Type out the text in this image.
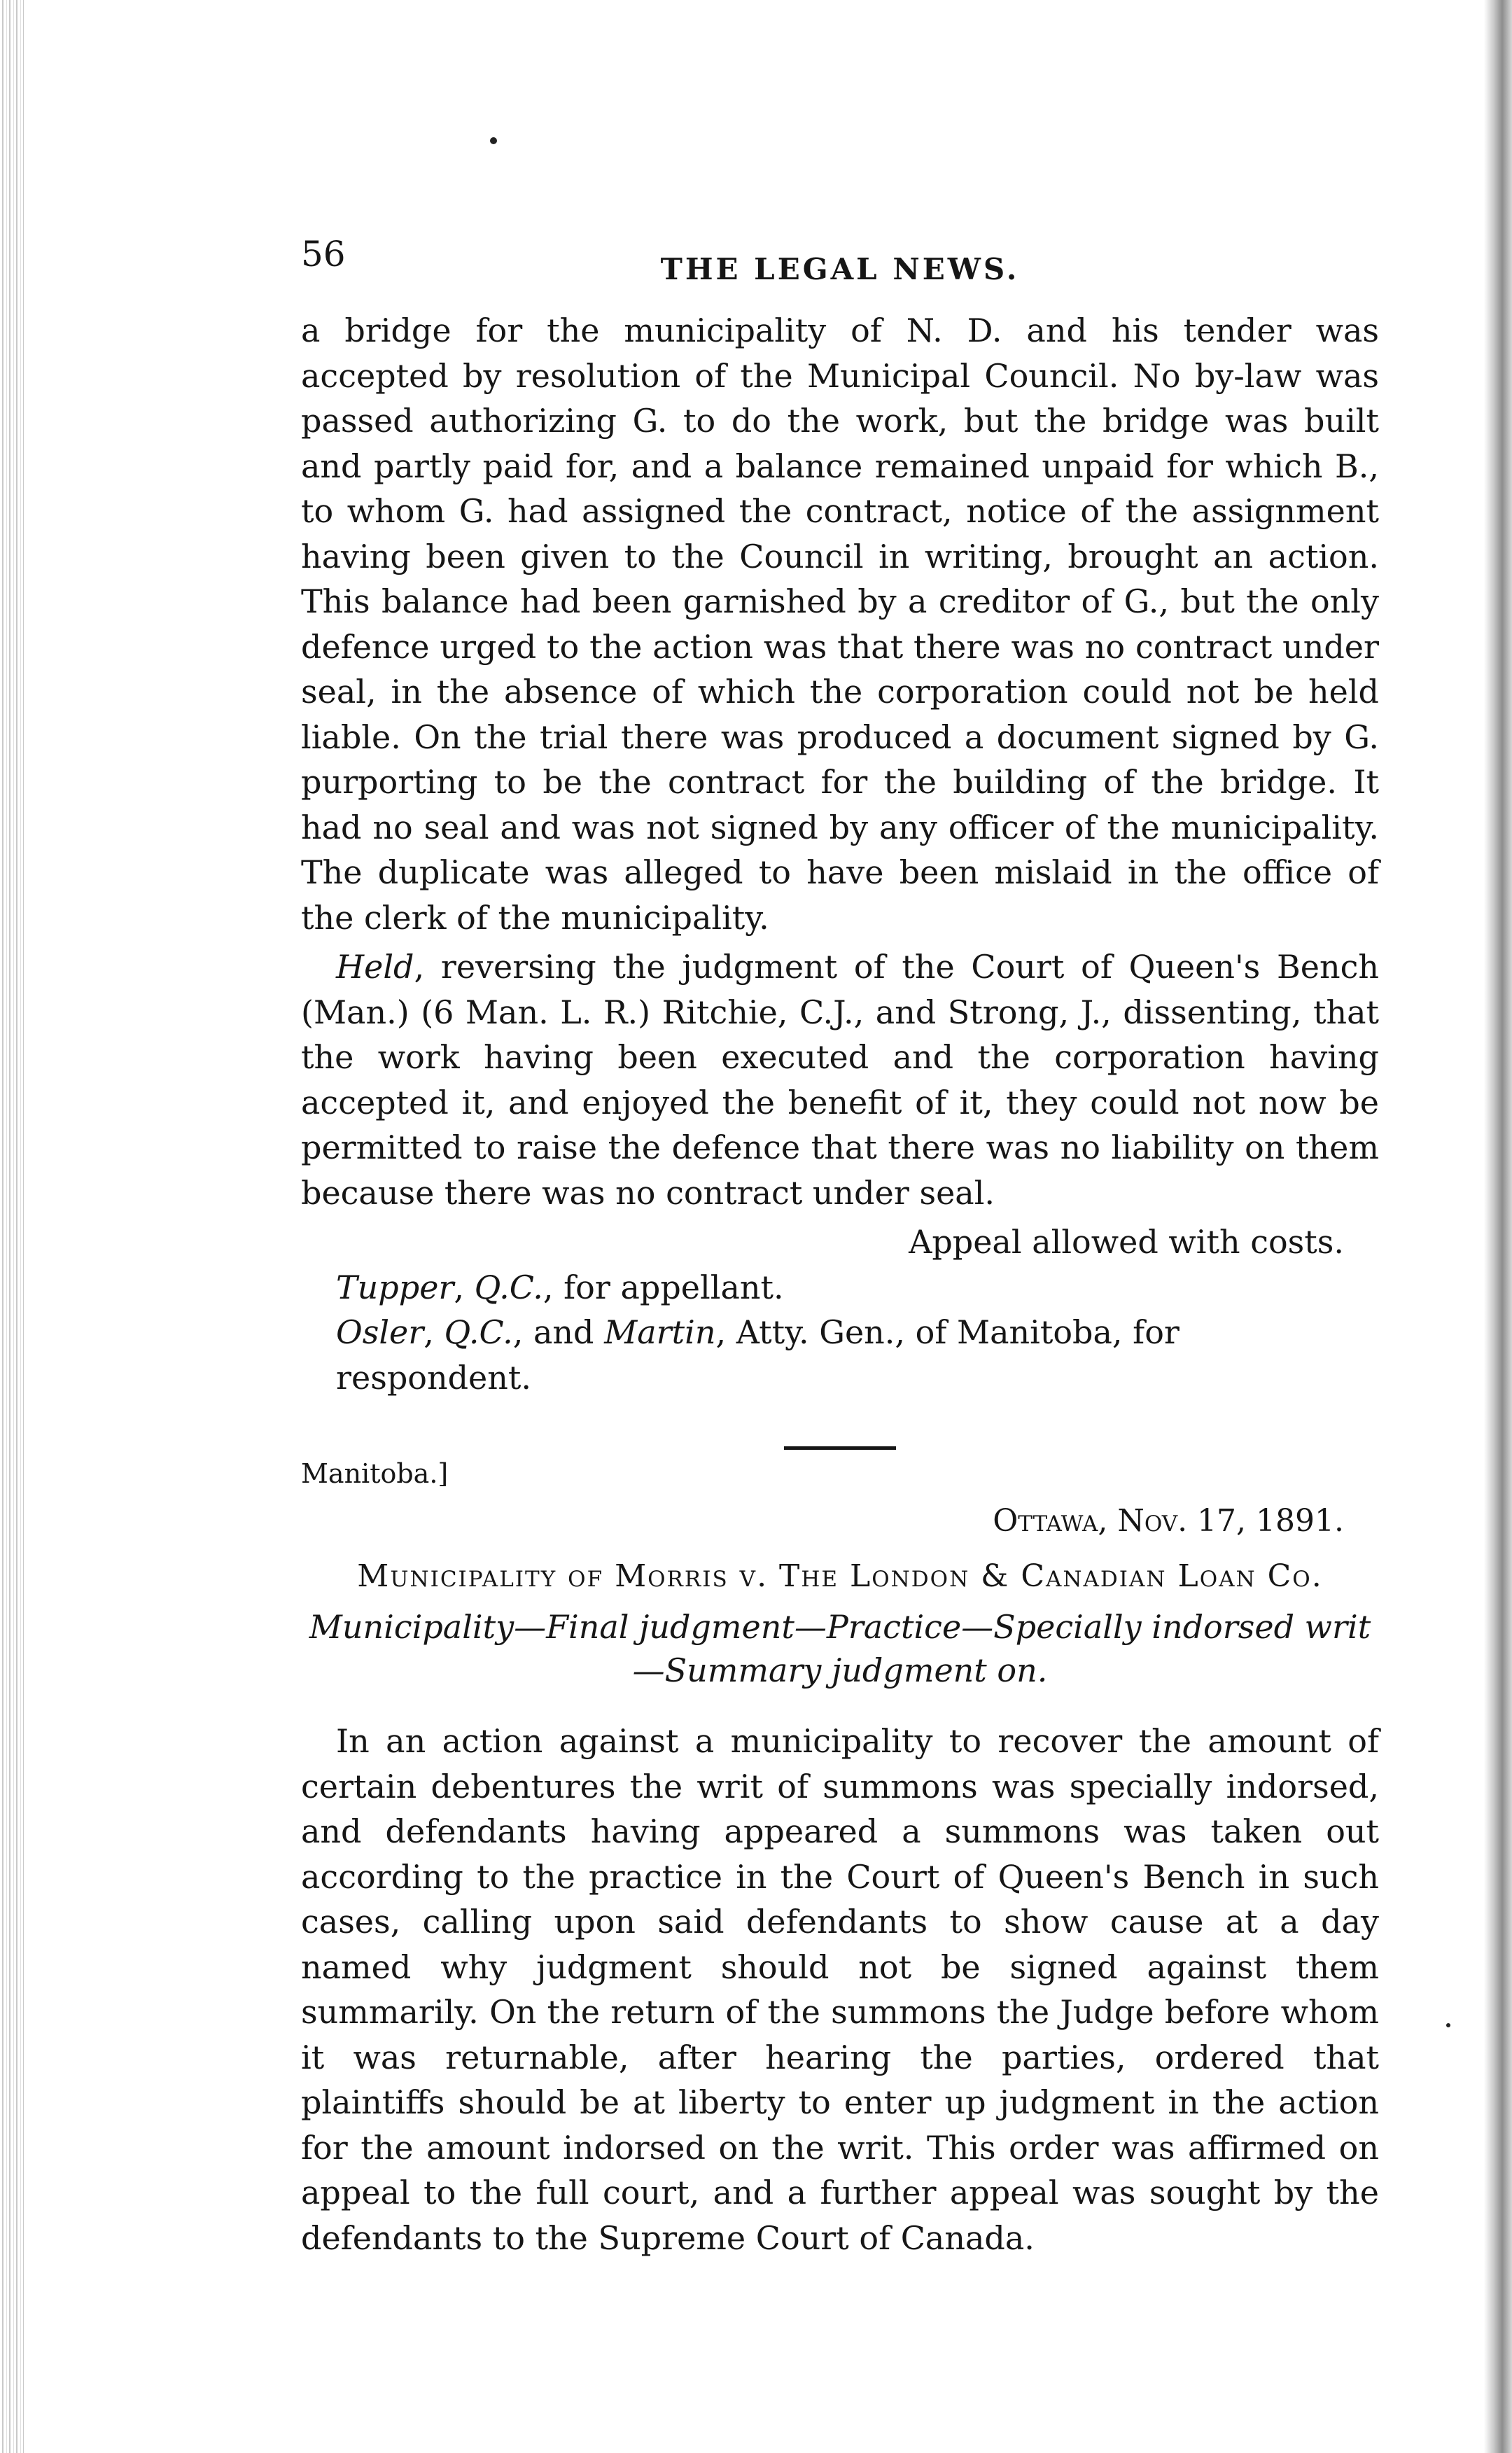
56	THE LEGAL NEWS.

a bridge for the municipality of N. D. and his tender was accepted by resolution of the Municipal Council. No by-law was passed authorizing G. to do the work, but the bridge was built and partly paid for, and a balance remained unpaid for which B., to whom G. had assigned the contract, notice of the assignment having been given to the Council in writing, brought an action. This balance had been garnished by a creditor of G., but the only defence urged to the action was that there was no contract under seal, in the absence of which the corporation could not be held liable. On the trial there was produced a document signed by G. purporting to be the contract for the building of the bridge. It had no seal and was not signed by any officer of the municipality. The duplicate was alleged to have been mislaid in the office of the clerk of the municipality.

Held, reversing the judgment of the Court of Queen's Bench (Man.) (6 Man. L. R.) Ritchie, C.J., and Strong, J., dissenting, that the work having been executed and the corporation having accepted it, and enjoyed the benefit of it, they could not now be permitted to raise the defence that there was no liability on them because there was no contract under seal.

Appeal allowed with costs.
Tupper, Q.C., for appellant.
Osler, Q.C., and Martin, Atty. Gen., of Manitoba, for respondent.
Manitoba.]
Ottawa, Nov. 17, 1891.
Municipality of Morris v. The London & Canadian Loan Co.
Municipality—Final judgment—Practice—Specially indorsed writ
—Summary judgment on.

In an action against a municipality to recover the amount of certain debentures the writ of summons was specially indorsed, and defendants having appeared a summons was taken out according to the practice in the Court of Queen's Bench in such cases, calling upon said defendants to show cause at a day named why judgment should not be signed against them summarily. On the return of the summons the Judge before whom it was returnable, after hearing the parties, ordered that plaintiffs should be at liberty to enter up judgment in the action for the amount indorsed on the writ. This order was affirmed on appeal to the full court, and a further appeal was sought by the defendants to the Supreme Court of Canada.
